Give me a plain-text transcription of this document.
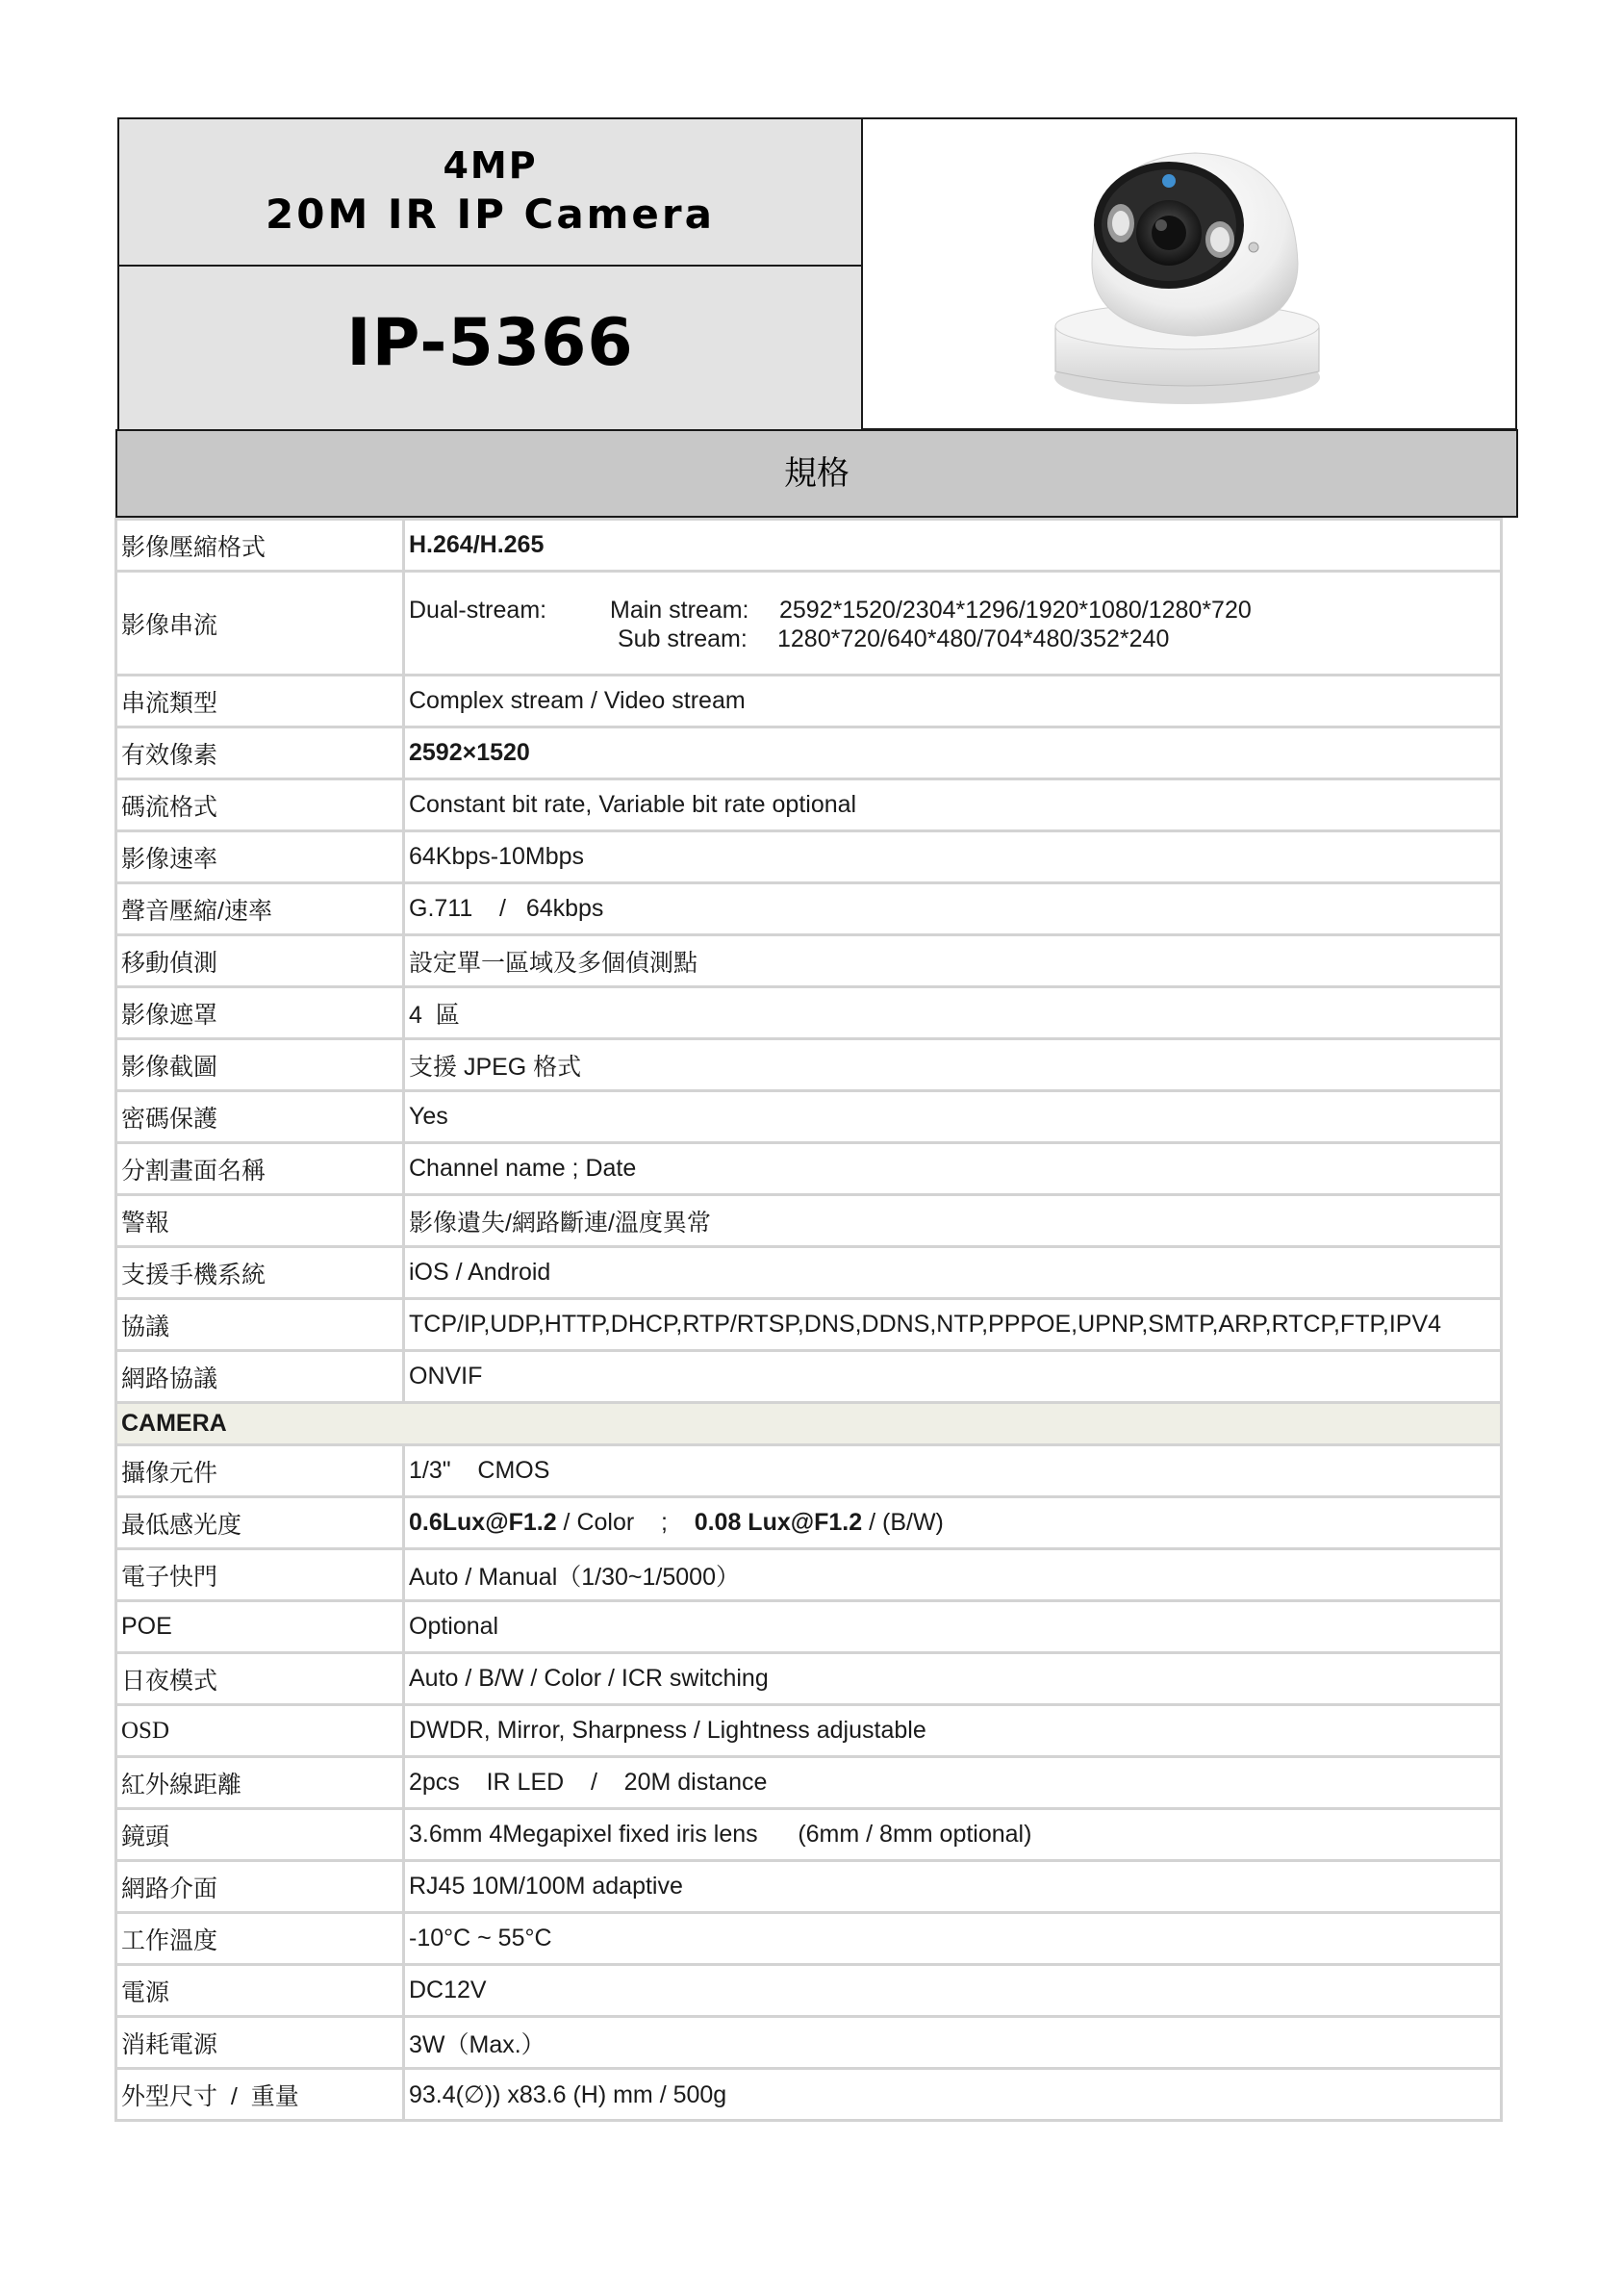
4MP
20M IR IP Camera
IP-5366
規格
影像壓縮格式	H.264/H.265
影像串流	Dual-stream: Main stream: 2592*1520/2304*1296/1920*1080/1280*720
Sub stream: 1280*720/640*480/704*480/352*240

串流類型	Complex stream / Video stream
有效像素	2592×1520
碼流格式	Constant bit rate, Variable bit rate optional
影像速率	64Kbps-10Mbps
聲音壓縮/速率	G.711    /   64kbps
移動偵測	設定單一區域及多個偵測點
影像遮罩	4  區
影像截圖	支援 JPEG 格式
密碼保護	Yes
分割畫面名稱	Channel name ; Date
警報	影像遺失/網路斷連/溫度異常
支援手機系統	iOS / Android
協議	TCP/IP,UDP,HTTP,DHCP,RTP/RTSP,DNS,DDNS,NTP,PPPOE,UPNP,SMTP,ARP,RTCP,FTP,IPV4
網路協議	ONVIF
CAMERA	
攝像元件	1/3"    CMOS
最低感光度	0.6Lux@F1.2 / Color    ;    0.08 Lux@F1.2 / (B/W)
電子快門	Auto / Manual（1/30~1/5000）
POE	Optional
日夜模式	Auto / B/W / Color / ICR switching
OSD	DWDR, Mirror, Sharpness / Lightness adjustable
紅外線距離	2pcs    IR LED    /    20M distance
鏡頭	3.6mm 4Megapixel fixed iris lens      (6mm / 8mm optional)
網路介面	RJ45 10M/100M adaptive
工作溫度	-10°C ~ 55°C
電源	DC12V
消耗電源	3W（Max.）
外型尺寸  /  重量	93.4(∅)) x83.6 (H) mm / 500g
